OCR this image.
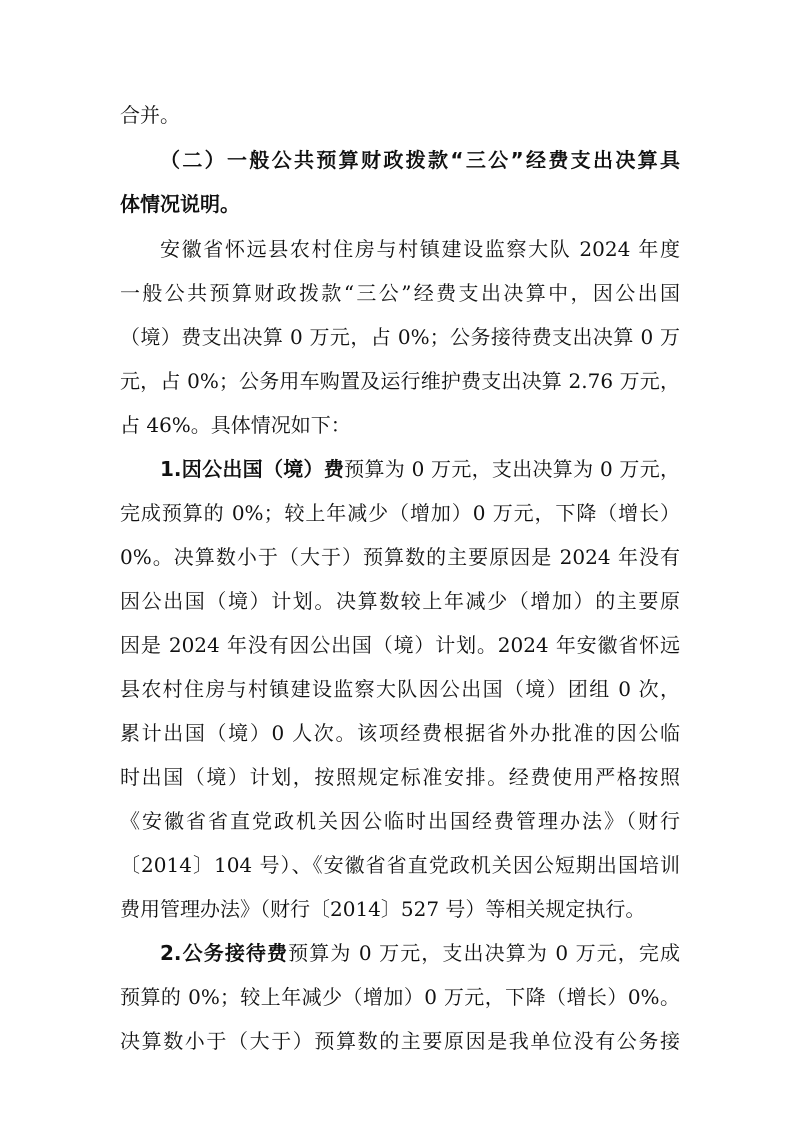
合并。
（二）一般公共预算财政拨款“三公”经费支出决算具
体情况说明。
安徽省怀远县农村住房与村镇建设监察大队 2024 年度
一般公共预算财政拨款“三公”经费支出决算中，因公出国
（境）费支出决算 0 万元，占 0%；公务接待费支出决算 0 万
元，占 0%；公务用车购置及运行维护费支出决算 2.76 万元，
占 46%。具体情况如下：
1.因公出国（境）费预算为 0 万元，支出决算为 0 万元，
完成预算的 0%；较上年减少（增加）0 万元，下降（增长）
0%。决算数小于（大于）预算数的主要原因是 2024 年没有
因公出国（境）计划。决算数较上年减少（增加）的主要原
因是 2024 年没有因公出国（境）计划。2024 年安徽省怀远
县农村住房与村镇建设监察大队因公出国（境）团组 0 次，
累计出国（境）0 人次。该项经费根据省外办批准的因公临
时出国（境）计划，按照规定标准安排。经费使用严格按照
《安徽省省直党政机关因公临时出国经费管理办法》（财行
〔2014〕104 号）、《安徽省省直党政机关因公短期出国培训
费用管理办法》（财行〔2014〕527 号）等相关规定执行。
2.公务接待费预算为 0 万元，支出决算为 0 万元，完成
预算的 0%；较上年减少（增加）0 万元，下降（增长）0%。
决算数小于（大于）预算数的主要原因是我单位没有公务接
